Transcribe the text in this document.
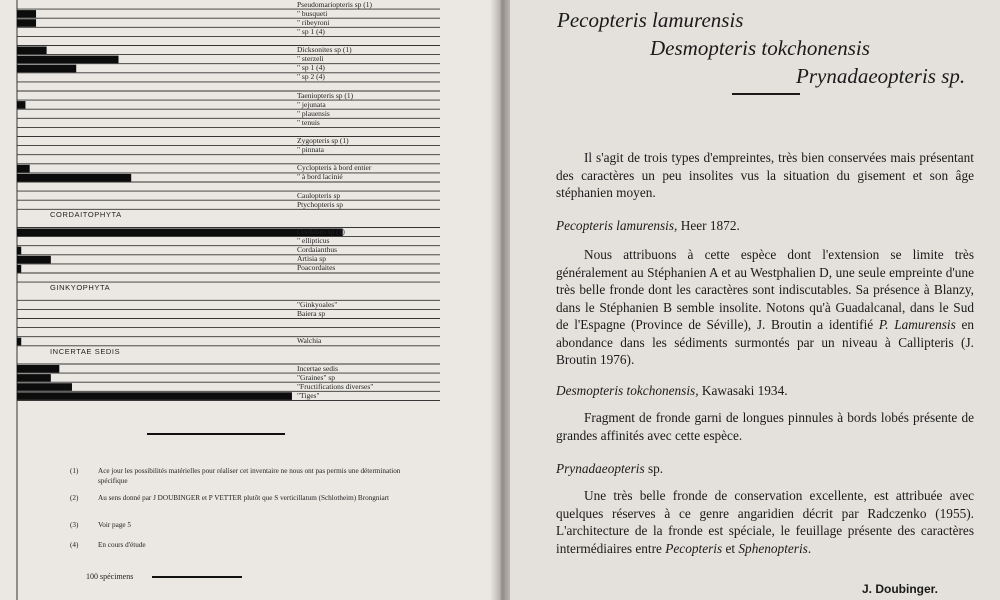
Pseudomariopteris sp (1)
" busqueti
" ribeyroni
" sp 1 (4)
Dicksonites sp (1)
" sterzeli
" sp 1 (4)
" sp 2 (4)
Taeniopteris sp (1)
" jejunata
" plauensis
" tenuis
Zygopteris sp (1)
" pinnata
Cyclopteris à bord entier
" à bord lacinié
Caulopteris sp
Ptychopteris sp
CORDAITOPHYTA
Cordaites sp (1)
" ellipticus
Cordaianthus
Artisia sp
Poacordaites
GINKYOPHYTA
"Ginkyoales"
Baiera sp
Walchia
INCERTAE SEDIS
Incertae sedis
"Graines" sp
"Fructifications diverses"
"Tiges"
(1)	Ace jour les possibilités matérielles pour réaliser cet inventaire ne nous ont pas permis une détermination spécifique
(2)	Au sens donné par J DOUBINGER et P VETTER plutôt que S verticillatum (Schlotheim) Brongniart
(3)	Voir page 5
(4)	En cours d'étude
100 spécimens
Pecopteris lamurensis
Desmopteris tokchonensis
Prynadaeopteris sp.
Il s'agit de trois types d'empreintes, très bien conservées mais présentant des caractères un peu insolites vus la situation du gisement et son âge stéphanien moyen.
Pecopteris lamurensis, Heer 1872.
Nous attribuons à cette espèce dont l'extension se limite très généralement au Stéphanien A et au Westphalien D, une seule empreinte d'une très belle fronde dont les caractères sont indiscutables. Sa présence à Blanzy, dans le Stéphanien B semble insolite. Notons qu'à Guadalcanal, dans le Sud de l'Espagne (Province de Séville), J. Broutin a identifié P. Lamurensis en abondance dans les sédiments surmontés par un niveau à Callipteris (J. Broutin 1976).
Desmopteris tokchonensis, Kawasaki 1934.
Fragment de fronde garni de longues pinnules à bords lobés présente de grandes affinités avec cette espèce.
Prynadaeopteris sp.
Une très belle fronde de conservation excellente, est attribuée avec quelques réserves à ce genre angaridien décrit par Radczenko (1955). L'architecture de la fronde est spéciale, le feuillage présente des caractères intermédiaires entre Pecopteris et Sphenopteris.
J. Doubinger.
